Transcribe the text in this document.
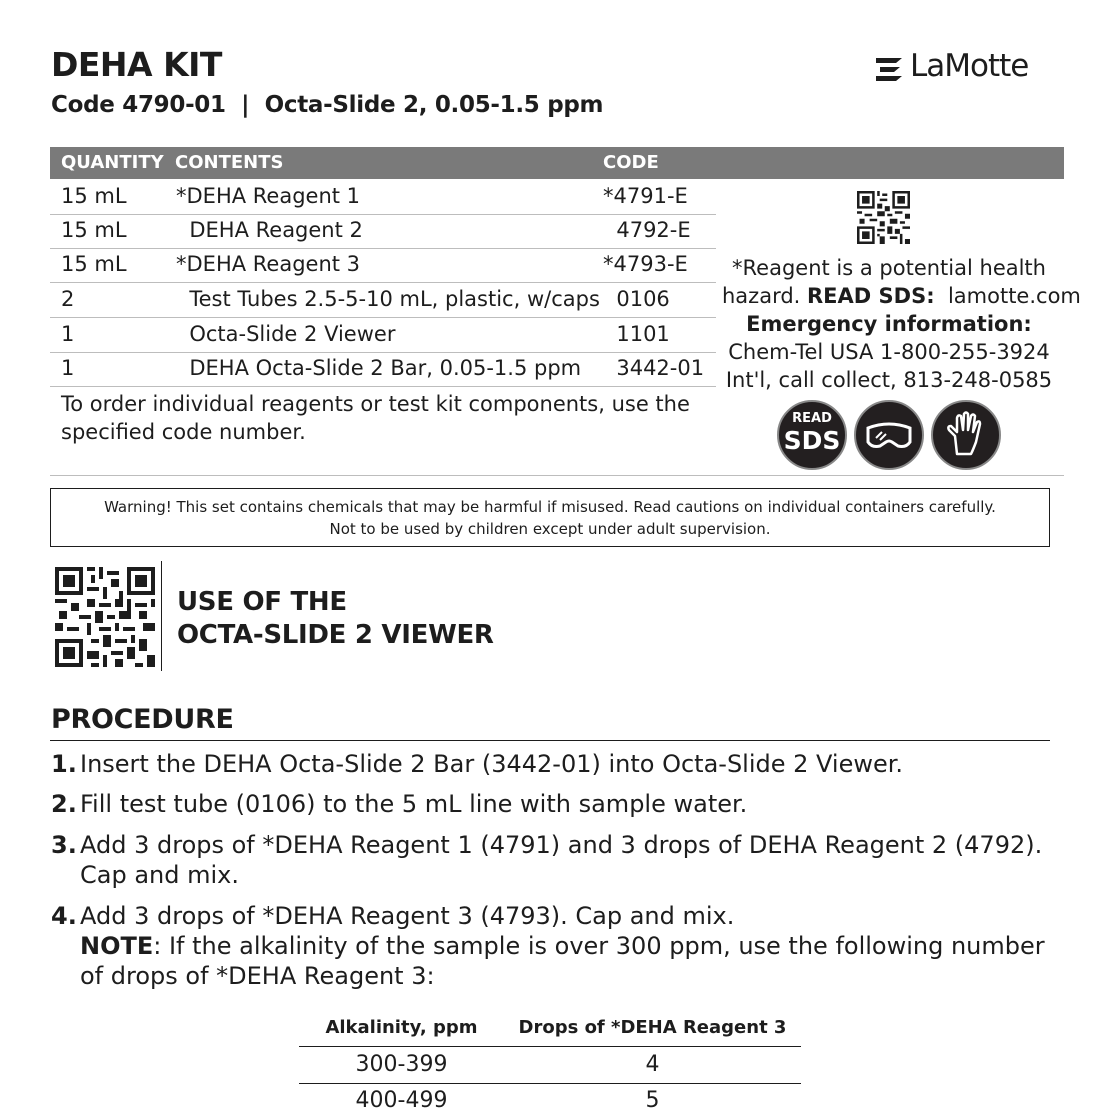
DEHA KIT
Code 4790-01  |  Octa-Slide 2, 0.05-1.5 ppm
LaMotte
QUANTITY CONTENTS	CODE
15 mL *DEHA Reagent 1	*4791-E
15 mL DEHA Reagent 2	4792-E
15 mL *DEHA Reagent 3	*4793-E
2	Test Tubes 2.5-5-10 mL, plastic, w/caps 0106
1	Octa-Slide 2 Viewer	1101
1	DEHA Octa-Slide 2 Bar, 0.05-1.5 ppm 3442-01
To order individual reagents or test kit components, use the specified code number.
*Reagent is a potential health
hazard. READ SDS:  lamotte.com
Emergency information:
Chem-Tel USA 1-800-255-3924
Int'l, call collect, 813-248-0585
READ
SDS
Warning! This set contains chemicals that may be harmful if misused. Read cautions on individual containers carefully.
Not to be used by children except under adult supervision.
USE OF THE
OCTA-SLIDE 2 VIEWER
PROCEDURE
1. Insert the DEHA Octa-Slide 2 Bar (3442-01) into Octa-Slide 2 Viewer.
2. Fill test tube (0106) to the 5 mL line with sample water.
3. Add 3 drops of *DEHA Reagent 1 (4791) and 3 drops of DEHA Reagent 2 (4792). Cap and mix.
4. Add 3 drops of *DEHA Reagent 3 (4793). Cap and mix.
NOTE: If the alkalinity of the sample is over 300 ppm, use the following number of drops of *DEHA Reagent 3:
Alkalinity, ppm	Drops of *DEHA Reagent 3
300-399	4
400-499	5
